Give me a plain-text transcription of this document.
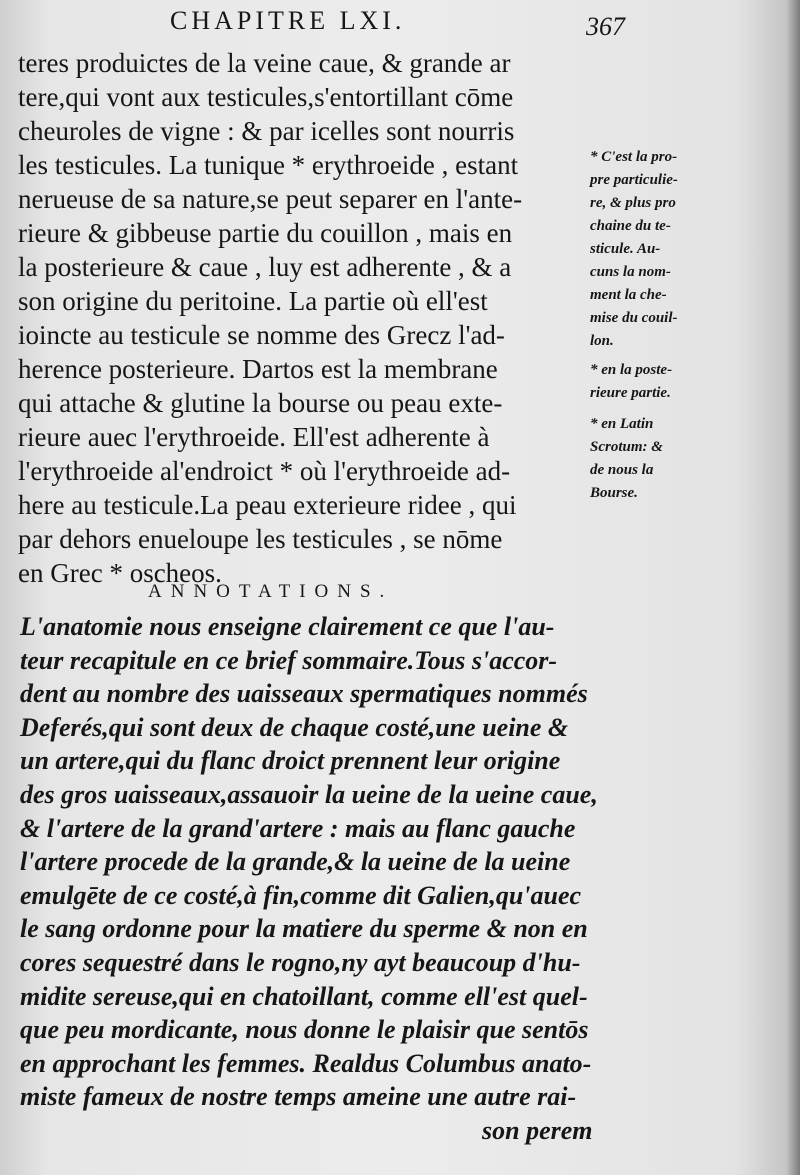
CHAPITRE LXI.	367
teres produictes de la veine caue, & grande ar
tere,qui vont aux testicules,s'entortillant cōme
cheuroles de vigne : & par icelles sont nourris
les testicules. La tunique * erythroeide , estant
nerueuse de sa nature,se peut separer en l'ante-
rieure & gibbeuse partie du couillon , mais en
la posterieure & caue , luy est adherente , & a
son origine du peritoine. La partie où ell'est
ioincte au testicule se nomme des Grecz l'ad-
herence posterieure. Dartos est la membrane
qui attache & glutine la bourse ou peau exte-
rieure auec l'erythroeide. Ell'est adherente à
l'erythroeide al'endroict * où l'erythroeide ad-
here au testicule.La peau exterieure ridee , qui
par dehors enueloupe les testicules , se nōme
en Grec * oscheos.
ANNOTATIONS.
L'anatomie nous enseigne clairement ce que l'au-
teur recapitule en ce brief sommaire.Tous s'accor-
dent au nombre des uaisseaux spermatiques nommés
Deferés,qui sont deux de chaque costé,une ueine &
un artere,qui du flanc droict prennent leur origine
des gros uaisseaux,assauoir la ueine de la ueine caue,
& l'artere de la grand'artere : mais au flanc gauche
l'artere procede de la grande,& la ueine de la ueine
emulgēte de ce costé,à fin,comme dit Galien,qu'auec
le sang ordonne pour la matiere du sperme & non en
cores sequestré dans le rogno,ny ayt beaucoup d'hu-
midite sereuse,qui en chatoillant, comme ell'est quel-
que peu mordicante, nous donne le plaisir que sentōs
en approchant les femmes. Realdus Columbus anato-
miste fameux de nostre temps ameine une autre rai-
son perem
* C'est la pro-
pre particulie-
re, & plus pro
chaine du te-
sticule. Au-
cuns la nom-
ment la che-
mise du couil-
lon.
* en la poste-
rieure partie.
* en Latin
Scrotum: &
de nous la
Bourse.
